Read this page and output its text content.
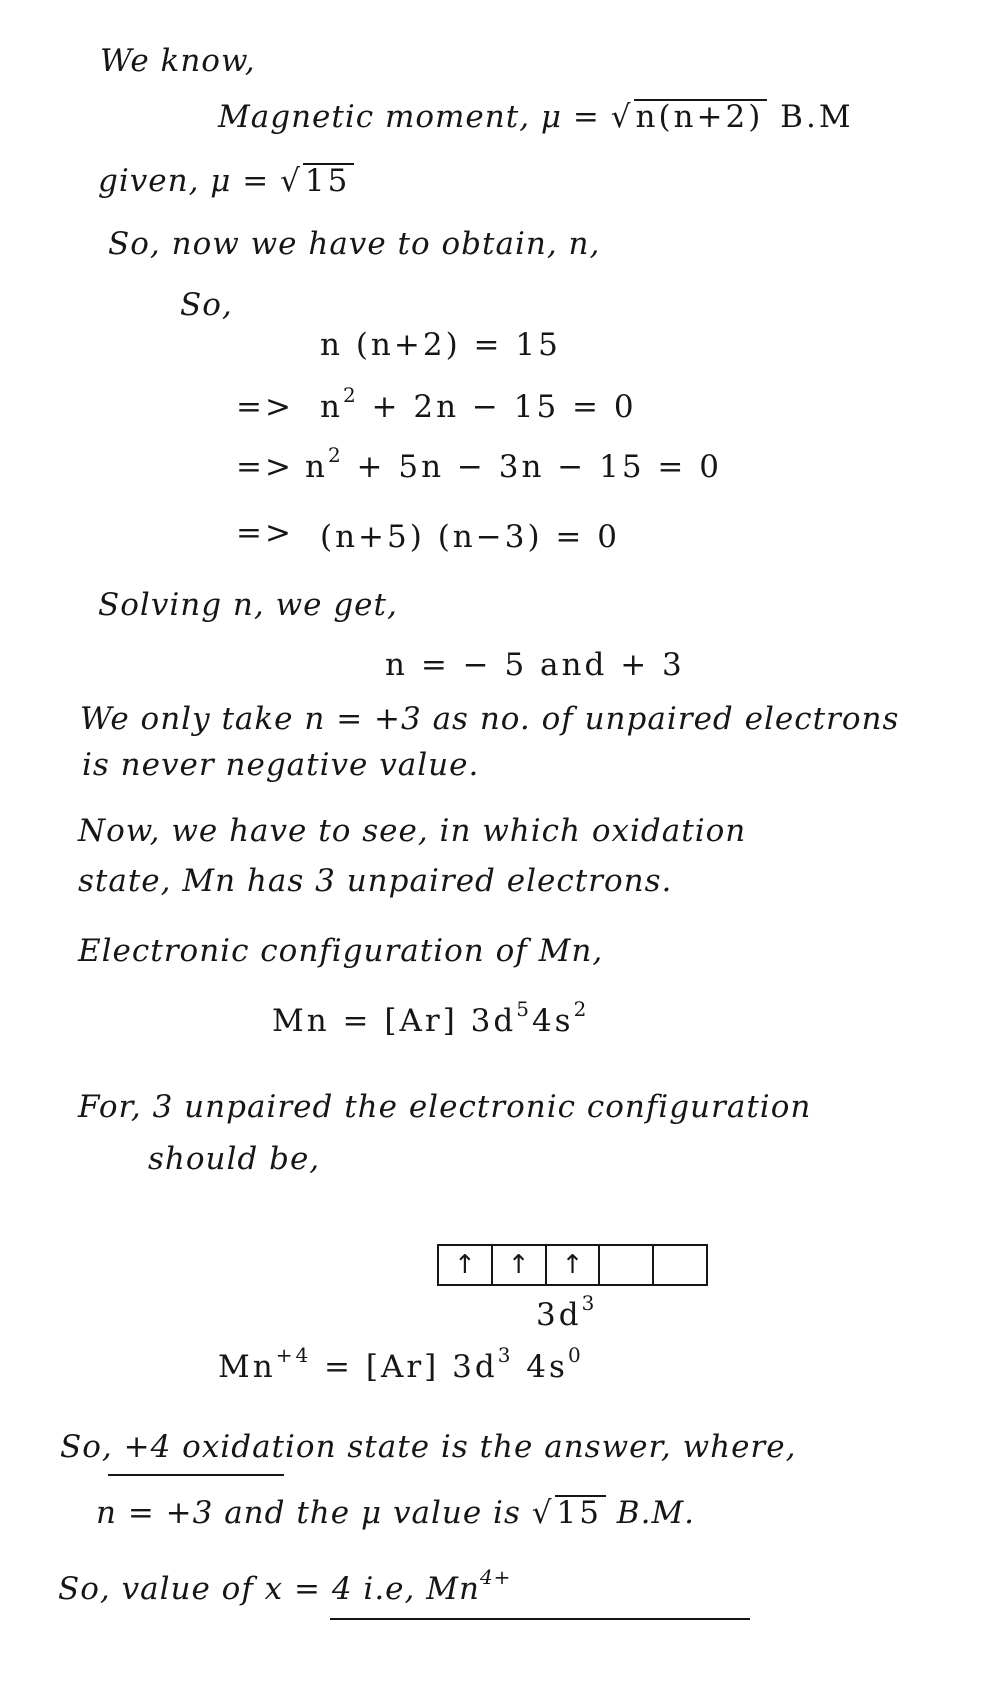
We know,
Magnetic moment, μ = √n(n+2) B.M
given, μ = √15
So, now we have to obtain, n,
So,
n (n+2) = 15
=> $n^2 + 2n - 15 = 0$
=> $n^2 + 5n - 3n - 15 = 0$
=> (n+5) (n−3) = 0
Solving n, we get,
n = − 5 and + 3
We only take n = +3 as no. of unpaired electrons
is never negative value.
Now, we have to see, in which oxidation
state, Mn has 3 unpaired electrons.
Electronic configuration of Mn,
Mn = [Ar] $3d^54s^2$
For, 3 unpaired the electronic configuration
should be,
↑	↑	↑
$3d^3$
$Mn^{+4} = [Ar]$ $3d^3$ $4s^0$
So, +4 oxidation state is the answer, where,
n = +3 and the μ value is √15 B.M.
So, value of x = 4 i.e, $Mn^{4+}$
